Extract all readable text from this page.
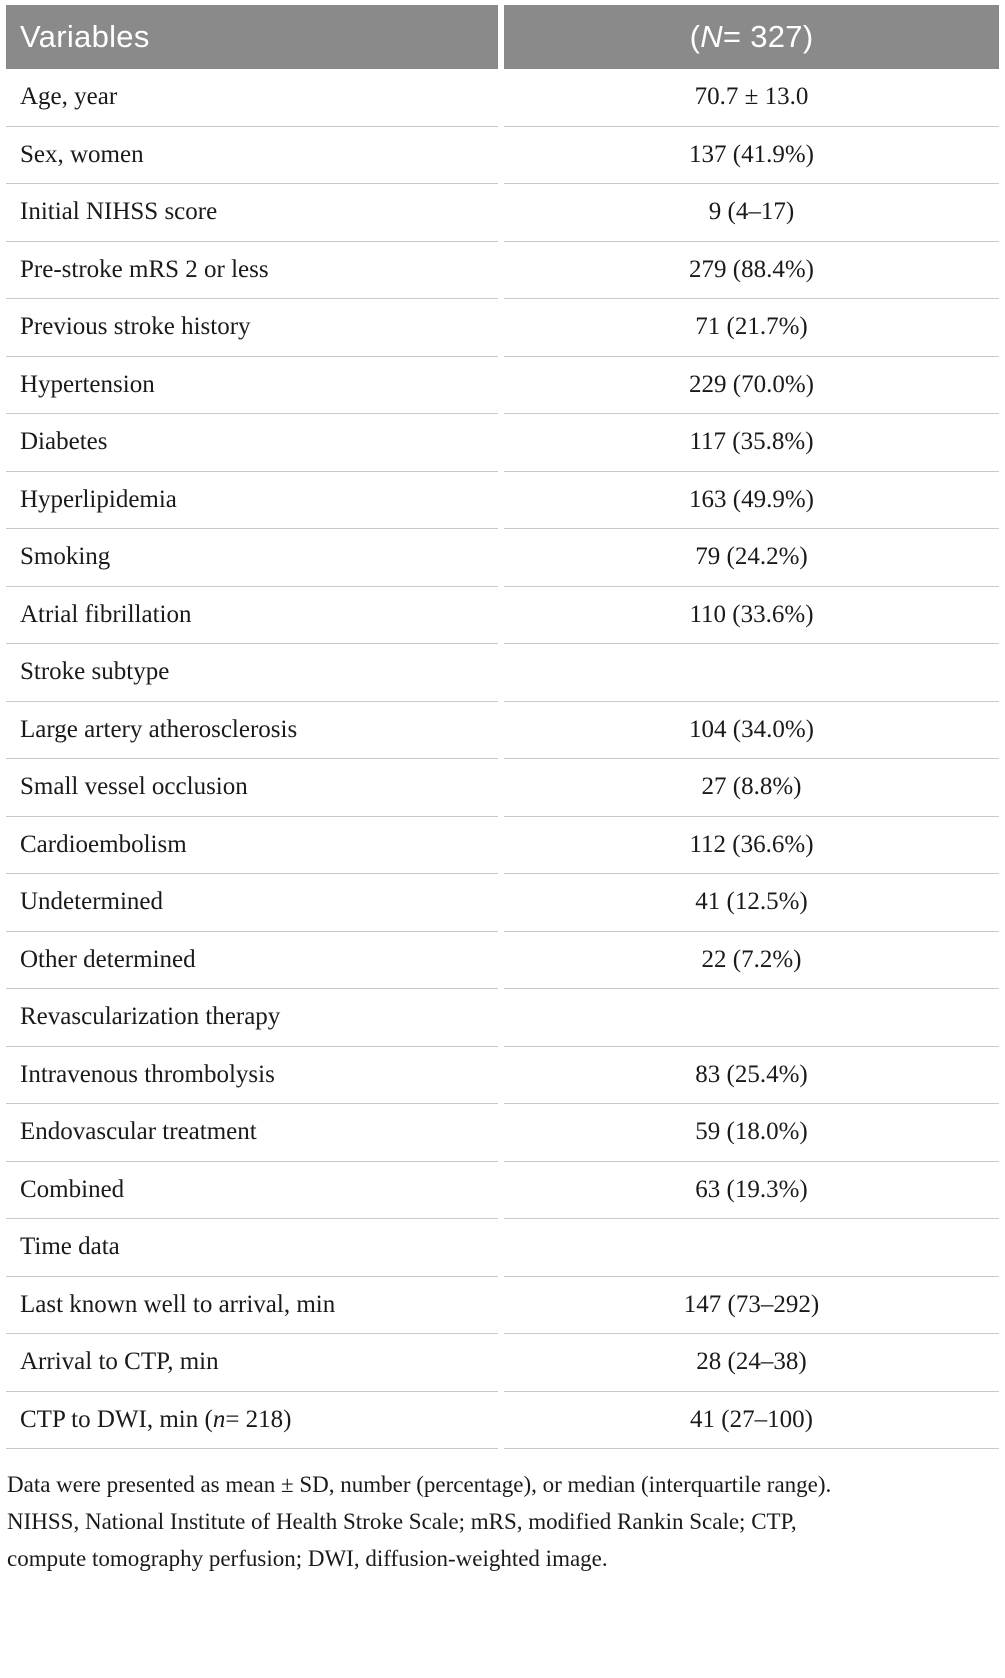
Variables	( N = 327)
Age, year	70.7 ± 13.0
Sex, women	137 (41.9%)
Initial NIHSS score	9 (4–17)
Pre-stroke mRS 2 or less	279 (88.4%)
Previous stroke history	71 (21.7%)
Hypertension	229 (70.0%)
Diabetes	117 (35.8%)
Hyperlipidemia	163 (49.9%)
Smoking	79 (24.2%)
Atrial fibrillation	110 (33.6%)
Stroke subtype
Large artery atherosclerosis	104 (34.0%)
Small vessel occlusion	27 (8.8%)
Cardioembolism	112 (36.6%)
Undetermined	41 (12.5%)
Other determined	22 (7.2%)
Revascularization therapy
Intravenous thrombolysis	83 (25.4%)
Endovascular treatment	59 (18.0%)
Combined	63 (19.3%)
Time data
Last known well to arrival, min	147 (73–292)
Arrival to CTP, min	28 (24–38)
CTP to DWI, min ( n = 218)	41 (27–100)
Data were presented as mean ± SD, number (percentage), or median (interquartile range).
NIHSS, National Institute of Health Stroke Scale; mRS, modified Rankin Scale; CTP,
compute tomography perfusion; DWI, diffusion-weighted image.
